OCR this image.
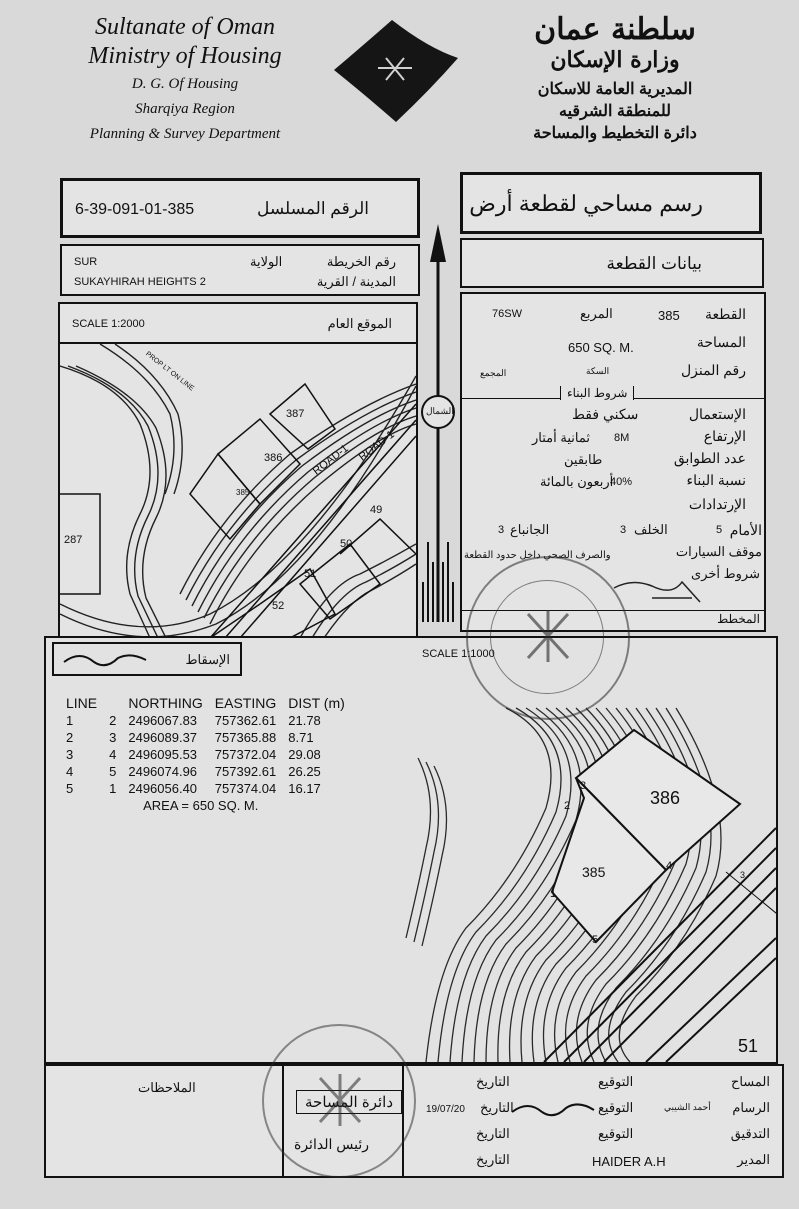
Sultanate of Oman
Ministry of Housing
D. G. Of Housing
Sharqiya Region
Planning & Survey Department
سلطنة عمان
وزارة الإسكان
المديرية العامة للاسكان
للمنطقة الشرقيه
دائرة التخطيط والمساحة
6-39-091-01-385	الرقم المسلسل	رسم مساحي لقطعة أرض
SUR	الولاية	رقم الخريطة
SUKAYHIRAH HEIGHTS 2	المدينة / القرية
بيانات القطعة
SCALE 1:2000	الموقع العام
387
386
385
287
49
50
51
52
ROAD-1 ROAD-1
PROP LT ON LINE
الشمال
76SW	المربع	385 القطعة
650 SQ. M.	المساحة
المجمع	السكة	رقم المنزل
شروط البناء
سكني فقط	الإستعمال
ثمانية أمتار 8M	الإرتفاع
طابقين	عدد الطوابق
أربعون بالمائة
40%	نسبة البناء
الإرتدادات
3 الجانباع	3 الخلف	5 الأمام
والصرف الصحي داخل حدود القطعة	موقف السيارات
شروط أخرى
المخطط
الإسقاط	SCALE 1:1000
LINE		NORTHING	EASTING	DIST (m)
1	2	2496067.83	757362.61	21.78
2	3	2496089.37	757365.88	8.71
3	4	2496095.53	757372.04	29.08
4	5	2496074.96	757392.61	26.25
5	1	2496056.40	757374.04	16.17
	AREA = 650 SQ. M.				386
385
51
1
2
3
4
5
3
الملاحظات
دائرة المساحة
رئيس الدائرة
التاريخ	التوقيع	المساح
19/07/20 التاريخ	التوقيع	أحمد الشيبي الرسام
التاريخ	التوقيع	التدقيق
التاريخ	HAIDER A.H	المدير
